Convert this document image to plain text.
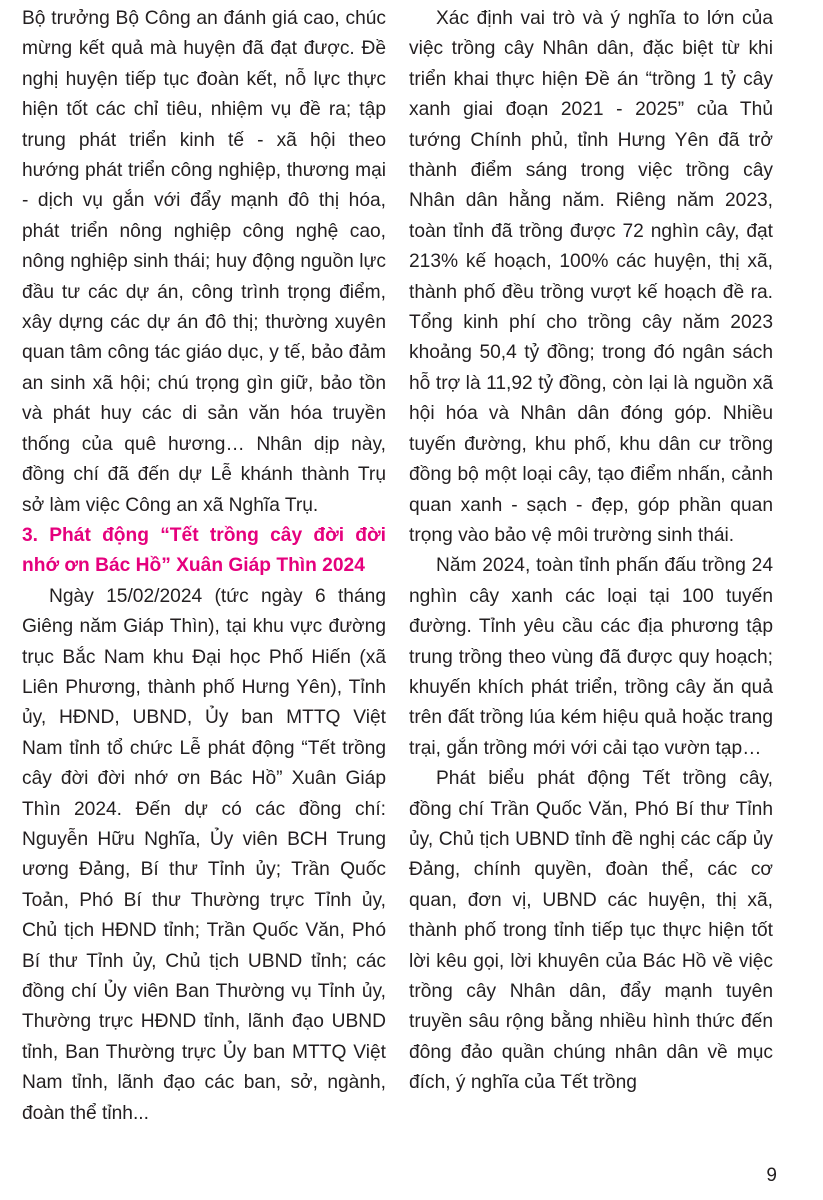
Bộ trưởng Bộ Công an đánh giá cao, chúc mừng kết quả mà huyện đã đạt được. Đề nghị huyện tiếp tục đoàn kết, nỗ lực thực hiện tốt các chỉ tiêu, nhiệm vụ đề ra; tập trung phát triển kinh tế - xã hội theo hướng phát triển công nghiệp, thương mại - dịch vụ gắn với đẩy mạnh đô thị hóa, phát triển nông nghiệp công nghệ cao, nông nghiệp sinh thái; huy động nguồn lực đầu tư các dự án, công trình trọng điểm, xây dựng các dự án đô thị; thường xuyên quan tâm công tác giáo dục, y tế, bảo đảm an sinh xã hội; chú trọng gìn giữ, bảo tồn và phát huy các di sản văn hóa truyền thống của quê hương… Nhân dịp này, đồng chí đã đến dự Lễ khánh thành Trụ sở làm việc Công an xã Nghĩa Trụ.

3. Phát động “Tết trồng cây đời đời nhớ ơn Bác Hồ” Xuân Giáp Thìn 2024

Ngày 15/02/2024 (tức ngày 6 tháng Giêng năm Giáp Thìn), tại khu vực đường trục Bắc Nam khu Đại học Phố Hiến (xã Liên Phương, thành phố Hưng Yên), Tỉnh ủy, HĐND, UBND, Ủy ban MTTQ Việt Nam tỉnh tổ chức Lễ phát động “Tết trồng cây đời đời nhớ ơn Bác Hồ” Xuân Giáp Thìn 2024. Đến dự có các đồng chí: Nguyễn Hữu Nghĩa, Ủy viên BCH Trung ương Đảng, Bí thư Tỉnh ủy; Trần Quốc Toản, Phó Bí thư Thường trực Tỉnh ủy, Chủ tịch HĐND tỉnh; Trần Quốc Văn, Phó Bí thư Tỉnh ủy, Chủ tịch UBND tỉnh; các đồng chí Ủy viên Ban Thường vụ Tỉnh ủy, Thường trực HĐND tỉnh, lãnh đạo UBND tỉnh, Ban Thường trực Ủy ban MTTQ Việt Nam tỉnh, lãnh đạo các ban, sở, ngành, đoàn thể tỉnh...

Xác định vai trò và ý nghĩa to lớn của việc trồng cây Nhân dân, đặc biệt từ khi triển khai thực hiện Đề án “trồng 1 tỷ cây xanh giai đoạn 2021 - 2025” của Thủ tướng Chính phủ, tỉnh Hưng Yên đã trở thành điểm sáng trong việc trồng cây Nhân dân hằng năm. Riêng năm 2023, toàn tỉnh đã trồng được 72 nghìn cây, đạt 213% kế hoạch, 100% các huyện, thị xã, thành phố đều trồng vượt kế hoạch đề ra. Tổng kinh phí cho trồng cây năm 2023 khoảng 50,4 tỷ đồng; trong đó ngân sách hỗ trợ là 11,92 tỷ đồng, còn lại là nguồn xã hội hóa và Nhân dân đóng góp. Nhiều tuyến đường, khu phố, khu dân cư trồng đồng bộ một loại cây, tạo điểm nhấn, cảnh quan xanh - sạch - đẹp, góp phần quan trọng vào bảo vệ môi trường sinh thái.

Năm 2024, toàn tỉnh phấn đấu trồng 24 nghìn cây xanh các loại tại 100 tuyến đường. Tỉnh yêu cầu các địa phương tập trung trồng theo vùng đã được quy hoạch; khuyến khích phát triển, trồng cây ăn quả trên đất trồng lúa kém hiệu quả hoặc trang trại, gắn trồng mới với cải tạo vườn tạp…

Phát biểu phát động Tết trồng cây, đồng chí Trần Quốc Văn, Phó Bí thư Tỉnh ủy, Chủ tịch UBND tỉnh đề nghị các cấp ủy Đảng, chính quyền, đoàn thể, các cơ quan, đơn vị, UBND các huyện, thị xã, thành phố trong tỉnh tiếp tục thực hiện tốt lời kêu gọi, lời khuyên của Bác Hồ về việc trồng cây Nhân dân, đẩy mạnh tuyên truyền sâu rộng bằng nhiều hình thức đến đông đảo quần chúng nhân dân về mục đích, ý nghĩa của Tết trồng

9
